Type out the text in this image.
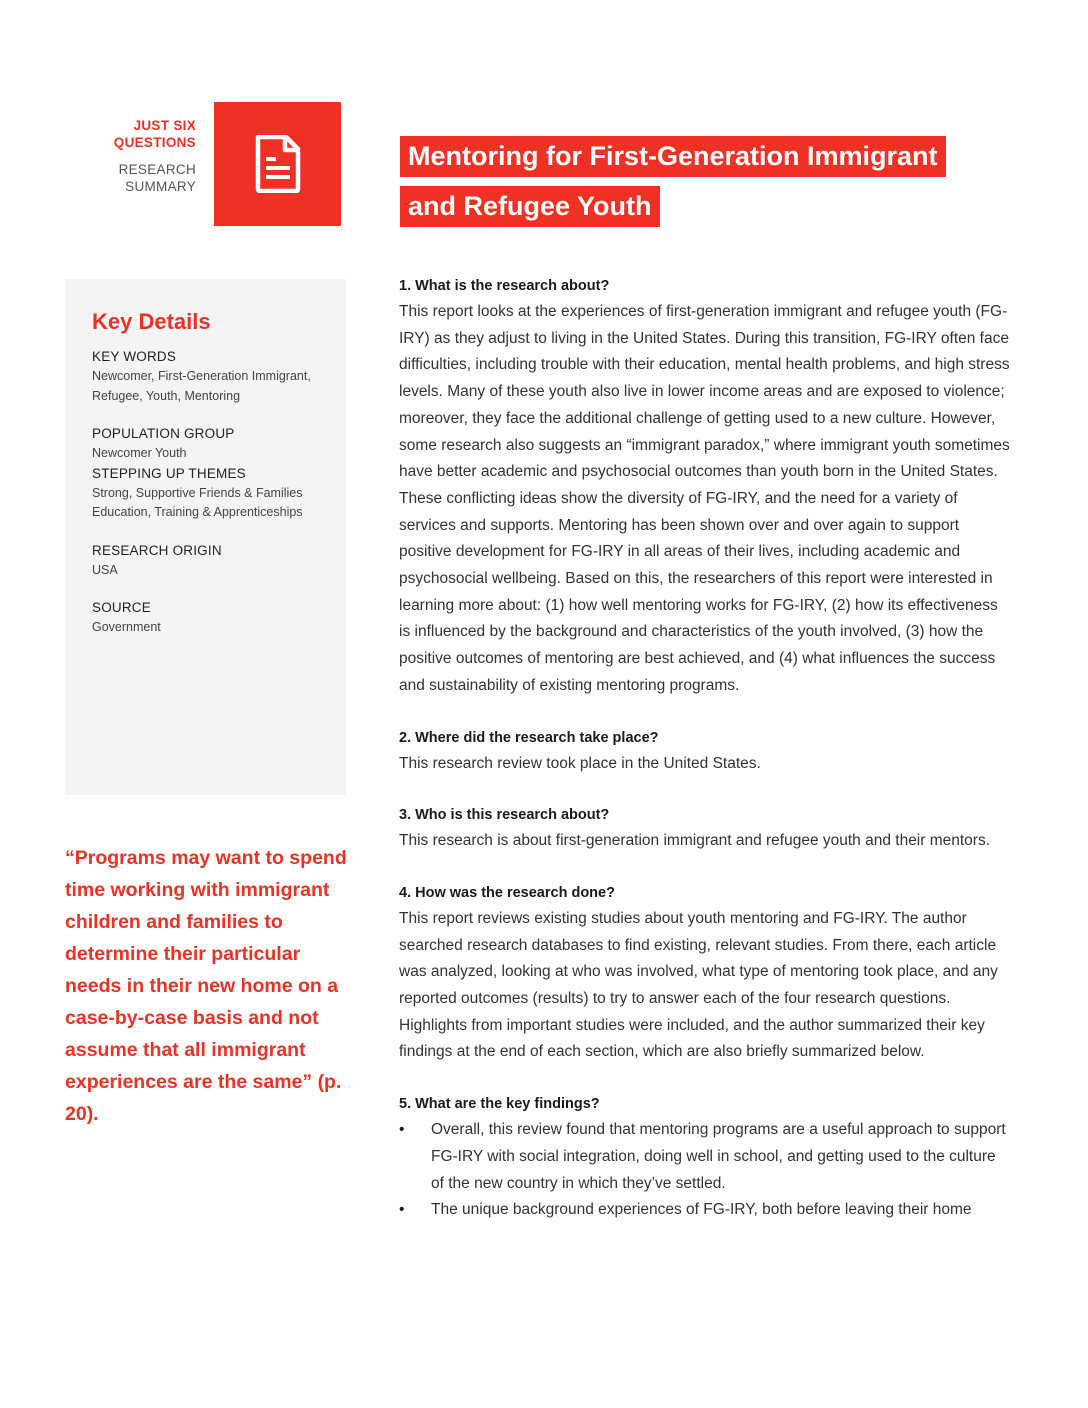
JUST SIX
QUESTIONS
RESEARCH
SUMMARY
Mentoring for First-Generation Immigrant
and Refugee Youth
Key Details
KEY WORDS
Newcomer, First-Generation Immigrant,
Refugee, Youth, Mentoring
POPULATION GROUP
Newcomer Youth
STEPPING UP THEMES
Strong, Supportive Friends & Families
Education, Training & Apprenticeships
RESEARCH ORIGIN
USA
SOURCE
Government
“Programs may want to spend time working with immigrant children and families to determine their particular needs in their new home on a case-by-case basis and not assume that all immigrant experiences are the same” (p. 20).
1. What is the research about?

This report looks at the experiences of first-generation immigrant and refugee youth (FG-IRY) as they adjust to living in the United States. During this transition, FG-IRY often face difficulties, including trouble with their education, mental health problems, and high stress levels. Many of these youth also live in lower income areas and are exposed to violence; moreover, they face the additional challenge of getting used to a new culture. However, some research also suggests an “immigrant paradox,” where immigrant youth sometimes have better academic and psychosocial outcomes than youth born in the United States. These conflicting ideas show the diversity of FG-IRY, and the need for a variety of services and supports. Mentoring has been shown over and over again to support positive development for FG-IRY in all areas of their lives, including academic and psychosocial wellbeing. Based on this, the researchers of this report were interested in learning more about: (1) how well mentoring works for FG-IRY, (2) how its effectiveness is influenced by the background and characteristics of the youth involved, (3) how the positive outcomes of mentoring are best achieved, and (4) what influences the success and sustainability of existing mentoring programs.

2. Where did the research take place?

This research review took place in the United States.

3. Who is this research about?

This research is about first-generation immigrant and refugee youth and their mentors.

4. How was the research done?

This report reviews existing studies about youth mentoring and FG-IRY. The author searched research databases to find existing, relevant studies. From there, each article was analyzed, looking at who was involved, what type of mentoring took place, and any reported outcomes (results) to try to answer each of the four research questions. Highlights from important studies were included, and the author summarized their key findings at the end of each section, which are also briefly summarized below.

5. What are the key findings?
• Overall, this review found that mentoring programs are a useful approach to support FG-IRY with social integration, doing well in school, and getting used to the culture of the new country in which they’ve settled.
• The unique background experiences of FG-IRY, both before leaving their home
